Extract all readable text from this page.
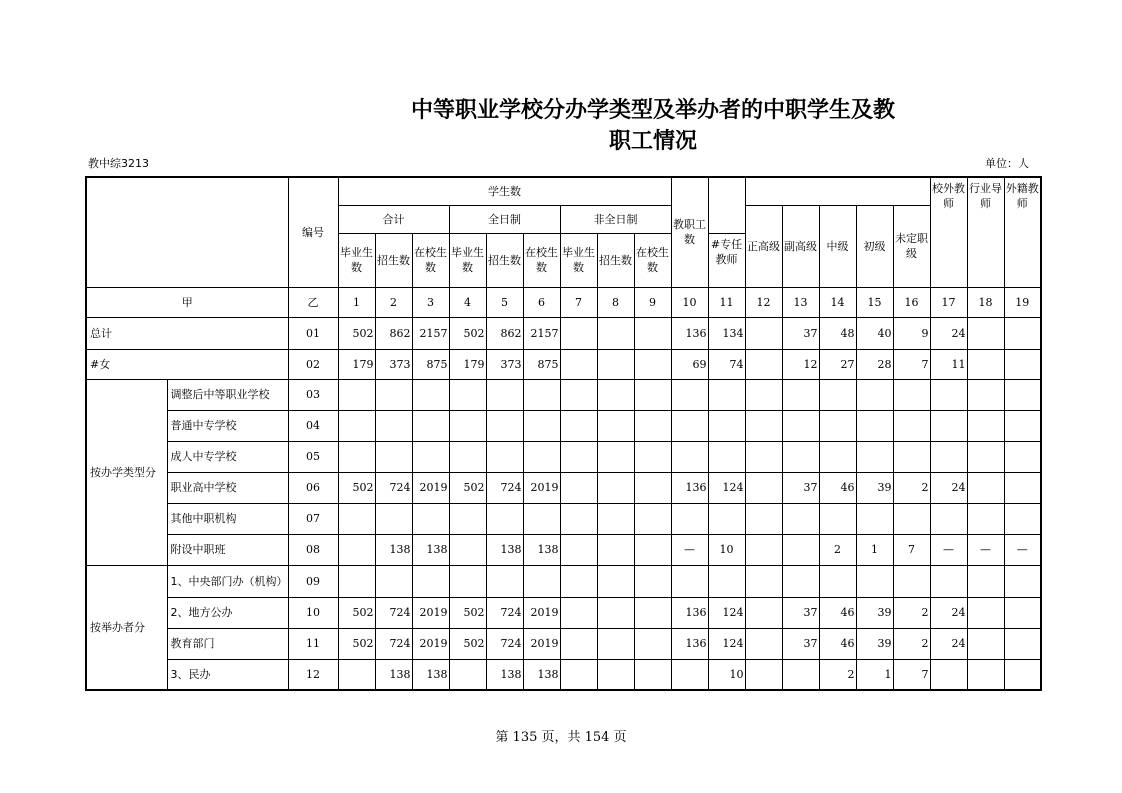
中等职业学校分办学类型及举办者的中职学生及教
职工情况
教中综3213	单位：人
		编号	学生数									教职工数							校外教师	行业导师	外籍教师
			合计			全日制			非全日制					正高级	副高级	中级	初级	未定职级			
			毕业生数	招生数	在校生数	毕业生数	招生数	在校生数	毕业生数	招生数	在校生数		#专任教师								
甲		乙	1	2	3	4	5	6	7	8	9	10	11	12	13	14	15	16	17	18	19
总计		01	502	862	2157	502	862	2157				136	134		37	48	40	9	24		
#女		02	179	373	875	179	373	875				69	74		12	27	28	7	11		
按办学类型分	调整后中等职业学校	03																			
	普通中专学校	04																			
	成人中专学校	05																			
	职业高中学校	06	502	724	2019	502	724	2019				136	124		37	46	39	2	24		
	其他中职机构	07																			
	附设中职班	08		138	138		138	138				—	10			2	1	7	—	—	—
按举办者分	1、中央部门办（机构）	09																			
	2、地方公办	10	502	724	2019	502	724	2019				136	124		37	46	39	2	24		
	教育部门	11	502	724	2019	502	724	2019				136	124		37	46	39	2	24		
	3、民办	12		138	138		138	138					10			2	1	7			
第 135 页，共 154 页
